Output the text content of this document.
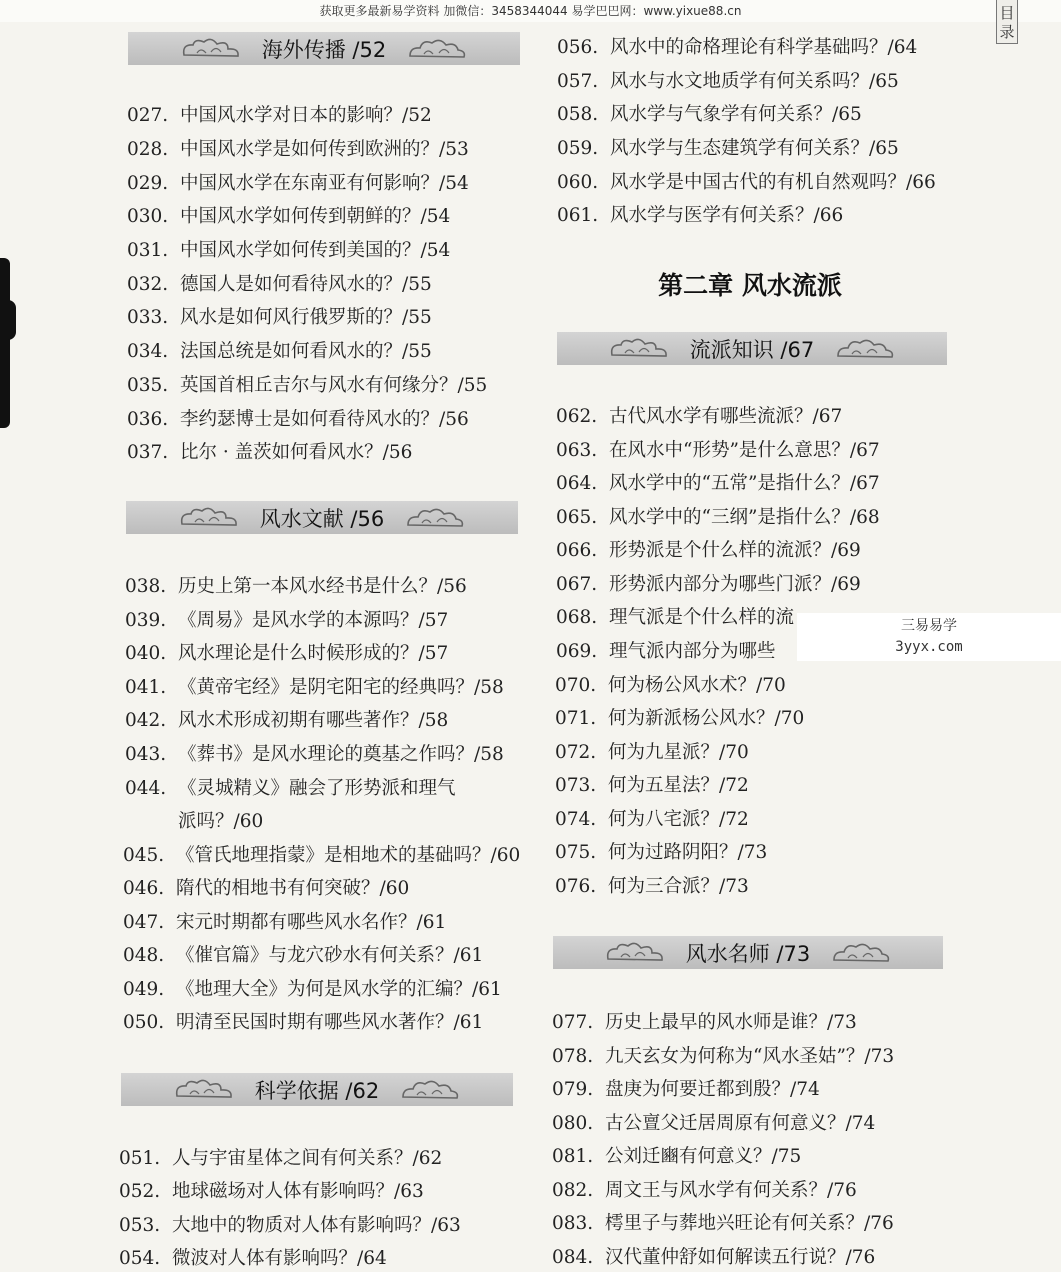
获取更多最新易学资料 加微信：3458344044 易学巴巴网：www.yixue88.cn	目录
海外传播 /52
风水文献 /56
科学依据 /62
第二章 风水流派
流派知识 /67
风水名师 /73
027. 中国风水学对日本的影响？/52
028. 中国风水学是如何传到欧洲的？/53
029. 中国风水学在东南亚有何影响？/54
030. 中国风水学如何传到朝鲜的？/54
031. 中国风水学如何传到美国的？/54
032. 德国人是如何看待风水的？/55
033. 风水是如何风行俄罗斯的？/55
034. 法国总统是如何看风水的？/55
035. 英国首相丘吉尔与风水有何缘分？/55
036. 李约瑟博士是如何看待风水的？/56
037. 比尔 · 盖茨如何看风水？/56
038. 历史上第一本风水经书是什么？/56
039. 《周易》是风水学的本源吗？/57
040. 风水理论是什么时候形成的？/57
041. 《黄帝宅经》是阴宅阳宅的经典吗？/58
042. 风水术形成初期有哪些著作？/58
043. 《葬书》是风水理论的奠基之作吗？/58
044. 《灵城精义》融会了形势派和理气
派吗？/60
045. 《管氏地理指蒙》是相地术的基础吗？/60
046. 隋代的相地书有何突破？/60
047. 宋元时期都有哪些风水名作？/61
048. 《催官篇》与龙穴砂水有何关系？/61
049. 《地理大全》为何是风水学的汇编？/61
050. 明清至民国时期有哪些风水著作？/61
051. 人与宇宙星体之间有何关系？/62
052. 地球磁场对人体有影响吗？/63
053. 大地中的物质对人体有影响吗？/63
054. 微波对人体有影响吗？/64
056. 风水中的命格理论有科学基础吗？/64
057. 风水与水文地质学有何关系吗？/65
058. 风水学与气象学有何关系？/65
059. 风水学与生态建筑学有何关系？/65
060. 风水学是中国古代的有机自然观吗？/66
061. 风水学与医学有何关系？/66
062. 古代风水学有哪些流派？/67
063. 在风水中“形势”是什么意思？/67
064. 风水学中的“五常”是指什么？/67
065. 风水学中的“三纲”是指什么？/68
066. 形势派是个什么样的流派？/69
067. 形势派内部分为哪些门派？/69
068. 理气派是个什么样的流
069. 理气派内部分为哪些
070. 何为杨公风水术？/70
071. 何为新派杨公风水？/70
072. 何为九星派？/70
073. 何为五星法？/72
074. 何为八宅派？/72
075. 何为过路阴阳？/73
076. 何为三合派？/73
077. 历史上最早的风水师是谁？/73
078. 九天玄女为何称为“风水圣姑”？/73
079. 盘庚为何要迁都到殷？/74
080. 古公亶父迁居周原有何意义？/74
081. 公刘迁豳有何意义？/75
082. 周文王与风水学有何关系？/76
083. 樗里子与葬地兴旺论有何关系？/76
084. 汉代董仲舒如何解读五行说？/76
三易易学
3yyx.com
